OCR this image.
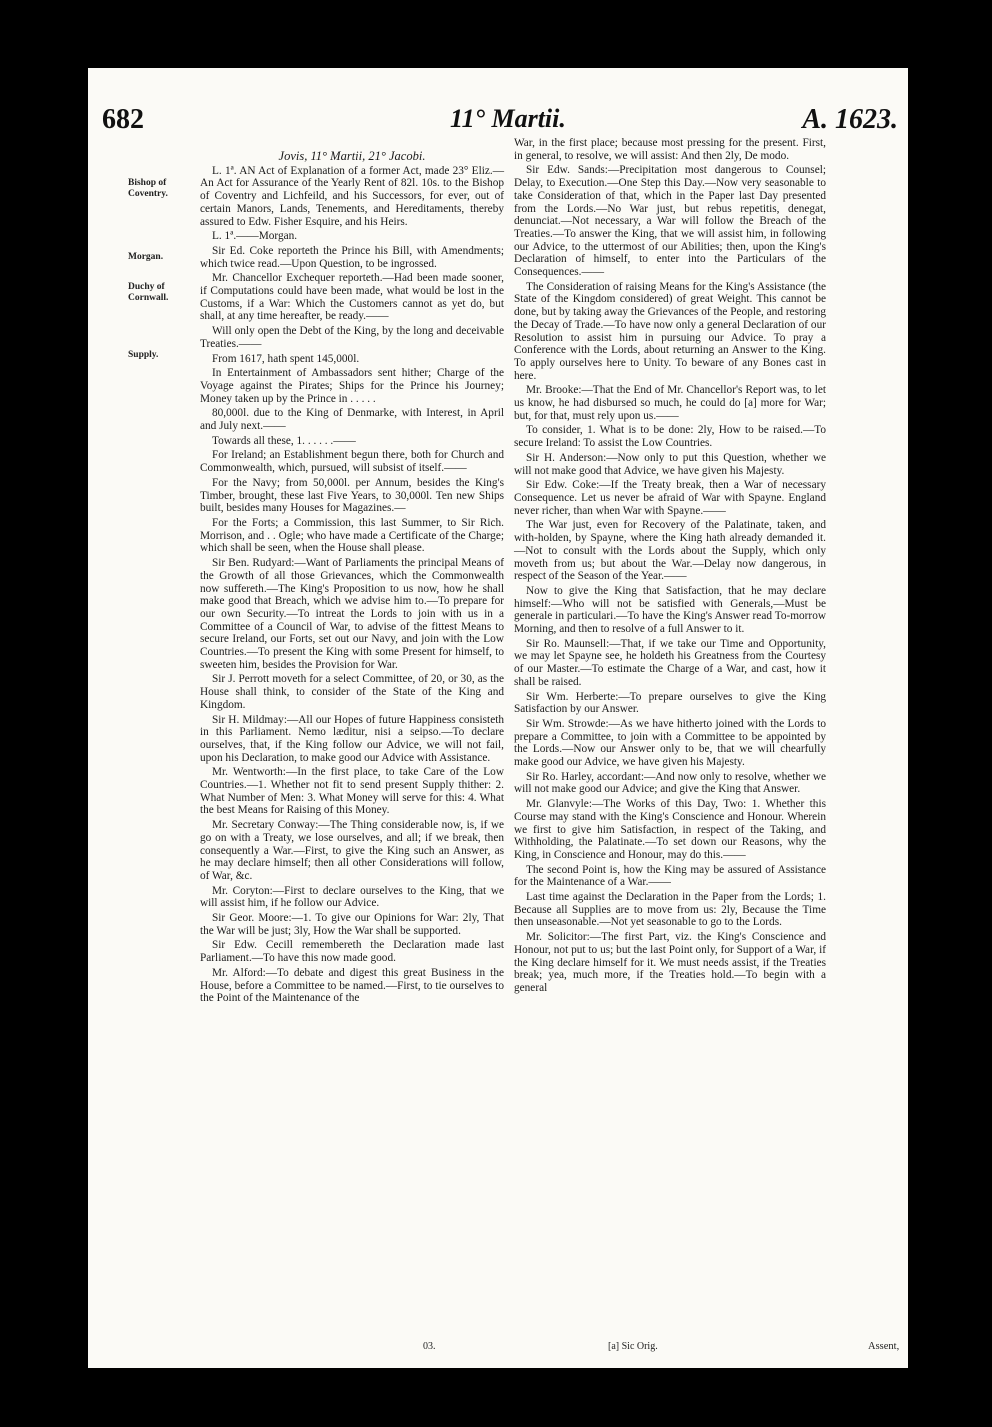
682	11° Martii.	A. 1623.
Bishop of Coventry.
Morgan.
Duchy of Cornwall.
Supply.

Jovis, 11° Martii, 21° Jacobi.

L. 1ª. AN Act of Explanation of a former Act, made 23° Eliz.—An Act for Assurance of the Yearly Rent of 82l. 10s. to the Bishop of Coventry and Lichfeild, and his Successors, for ever, out of certain Manors, Lands, Tenements, and Hereditaments, thereby assured to Edw. Fisher Esquire, and his Heirs.

L. 1ª.——Morgan.

Sir Ed. Coke reporteth the Prince his Bill, with Amendments; which twice read.—Upon Question, to be ingrossed.

Mr. Chancellor Exchequer reporteth.—Had been made sooner, if Computations could have been made, what would be lost in the Customs, if a War: Which the Customers cannot as yet do, but shall, at any time hereafter, be ready.——

Will only open the Debt of the King, by the long and deceivable Treaties.——

From 1617, hath spent 145,000l.

In Entertainment of Ambassadors sent hither; Charge of the Voyage against the Pirates; Ships for the Prince his Journey; Money taken up by the Prince in . . . . .

80,000l. due to the King of Denmarke, with Interest, in April and July next.——

Towards all these, 1. . . . . .——

For Ireland; an Establishment begun there, both for Church and Commonwealth, which, pursued, will subsist of itself.——

For the Navy; from 50,000l. per Annum, besides the King's Timber, brought, these last Five Years, to 30,000l. Ten new Ships built, besides many Houses for Magazines.—

For the Forts; a Commission, this last Summer, to Sir Rich. Morrison, and . . Ogle; who have made a Certificate of the Charge; which shall be seen, when the House shall please.

Sir Ben. Rudyard:—Want of Parliaments the principal Means of the Growth of all those Grievances, which the Commonwealth now suffereth.—The King's Proposition to us now, how he shall make good that Breach, which we advise him to.—To prepare for our own Security.—To intreat the Lords to join with us in a Committee of a Council of War, to advise of the fittest Means to secure Ireland, our Forts, set out our Navy, and join with the Low Countries.—To present the King with some Present for himself, to sweeten him, besides the Provision for War.

Sir J. Perrott moveth for a select Committee, of 20, or 30, as the House shall think, to consider of the State of the King and Kingdom.

Sir H. Mildmay:—All our Hopes of future Happiness consisteth in this Parliament. Nemo læditur, nisi a seipso.—To declare ourselves, that, if the King follow our Advice, we will not fail, upon his Declaration, to make good our Advice with Assistance.

Mr. Wentworth:—In the first place, to take Care of the Low Countries.—1. Whether not fit to send present Supply thither: 2. What Number of Men: 3. What Money will serve for this: 4. What the best Means for Raising of this Money.

Mr. Secretary Conway:—The Thing considerable now, is, if we go on with a Treaty, we lose ourselves, and all; if we break, then consequently a War.—First, to give the King such an Answer, as he may declare himself; then all other Considerations will follow, of War, &c.

Mr. Coryton:—First to declare ourselves to the King, that we will assist him, if he follow our Advice.

Sir Geor. Moore:—1. To give our Opinions for War: 2ly, That the War will be just; 3ly, How the War shall be supported.

Sir Edw. Cecill remembereth the Declaration made last Parliament.—To have this now made good.

Mr. Alford:—To debate and digest this great Business in the House, before a Committee to be named.—First, to tie ourselves to the Point of the Maintenance of the

War, in the first place; because most pressing for the present. First, in general, to resolve, we will assist: And then 2ly, De modo.

Sir Edw. Sands:—Precipitation most dangerous to Counsel; Delay, to Execution.—One Step this Day.—Now very seasonable to take Consideration of that, which in the Paper last Day presented from the Lords.—No War just, but rebus repetitis, denegat, denunciat.—Not necessary, a War will follow the Breach of the Treaties.—To answer the King, that we will assist him, in following our Advice, to the uttermost of our Abilities; then, upon the King's Declaration of himself, to enter into the Particulars of the Consequences.——

The Consideration of raising Means for the King's Assistance (the State of the Kingdom considered) of great Weight. This cannot be done, but by taking away the Grievances of the People, and restoring the Decay of Trade.—To have now only a general Declaration of our Resolution to assist him in pursuing our Advice. To pray a Conference with the Lords, about returning an Answer to the King. To apply ourselves here to Unity. To beware of any Bones cast in here.

Mr. Brooke:—That the End of Mr. Chancellor's Report was, to let us know, he had disbursed so much, he could do [a] more for War; but, for that, must rely upon us.——

To consider, 1. What is to be done: 2ly, How to be raised.—To secure Ireland: To assist the Low Countries.

Sir H. Anderson:—Now only to put this Question, whether we will not make good that Advice, we have given his Majesty.

Sir Edw. Coke:—If the Treaty break, then a War of necessary Consequence. Let us never be afraid of War with Spayne. England never richer, than when War with Spayne.——

The War just, even for Recovery of the Palatinate, taken, and with-holden, by Spayne, where the King hath already demanded it.—Not to consult with the Lords about the Supply, which only moveth from us; but about the War.—Delay now dangerous, in respect of the Season of the Year.——

Now to give the King that Satisfaction, that he may declare himself:—Who will not be satisfied with Generals,—Must be generale in particulari.—To have the King's Answer read To-morrow Morning, and then to resolve of a full Answer to it.

Sir Ro. Maunsell:—That, if we take our Time and Opportunity, we may let Spayne see, he holdeth his Greatness from the Courtesy of our Master.—To estimate the Charge of a War, and cast, how it shall be raised.

Sir Wm. Herberte:—To prepare ourselves to give the King Satisfaction by our Answer.

Sir Wm. Strowde:—As we have hitherto joined with the Lords to prepare a Committee, to join with a Committee to be appointed by the Lords.—Now our Answer only to be, that we will chearfully make good our Advice, we have given his Majesty.

Sir Ro. Harley, accordant:—And now only to resolve, whether we will not make good our Advice; and give the King that Answer.

Mr. Glanvyle:—The Works of this Day, Two: 1. Whether this Course may stand with the King's Conscience and Honour. Wherein we first to give him Satisfaction, in respect of the Taking, and Withholding, the Palatinate.—To set down our Reasons, why the King, in Conscience and Honour, may do this.——

The second Point is, how the King may be assured of Assistance for the Maintenance of a War.——

Last time against the Declaration in the Paper from the Lords; 1. Because all Supplies are to move from us: 2ly, Because the Time then unseasonable.—Not yet seasonable to go to the Lords.

Mr. Solicitor:—The first Part, viz. the King's Conscience and Honour, not put to us; but the last Point only, for Support of a War, if the King declare himself for it. We must needs assist, if the Treaties break; yea, much more, if the Treaties hold.—To begin with a general

03.	[a] Sic Orig.	Assent,
